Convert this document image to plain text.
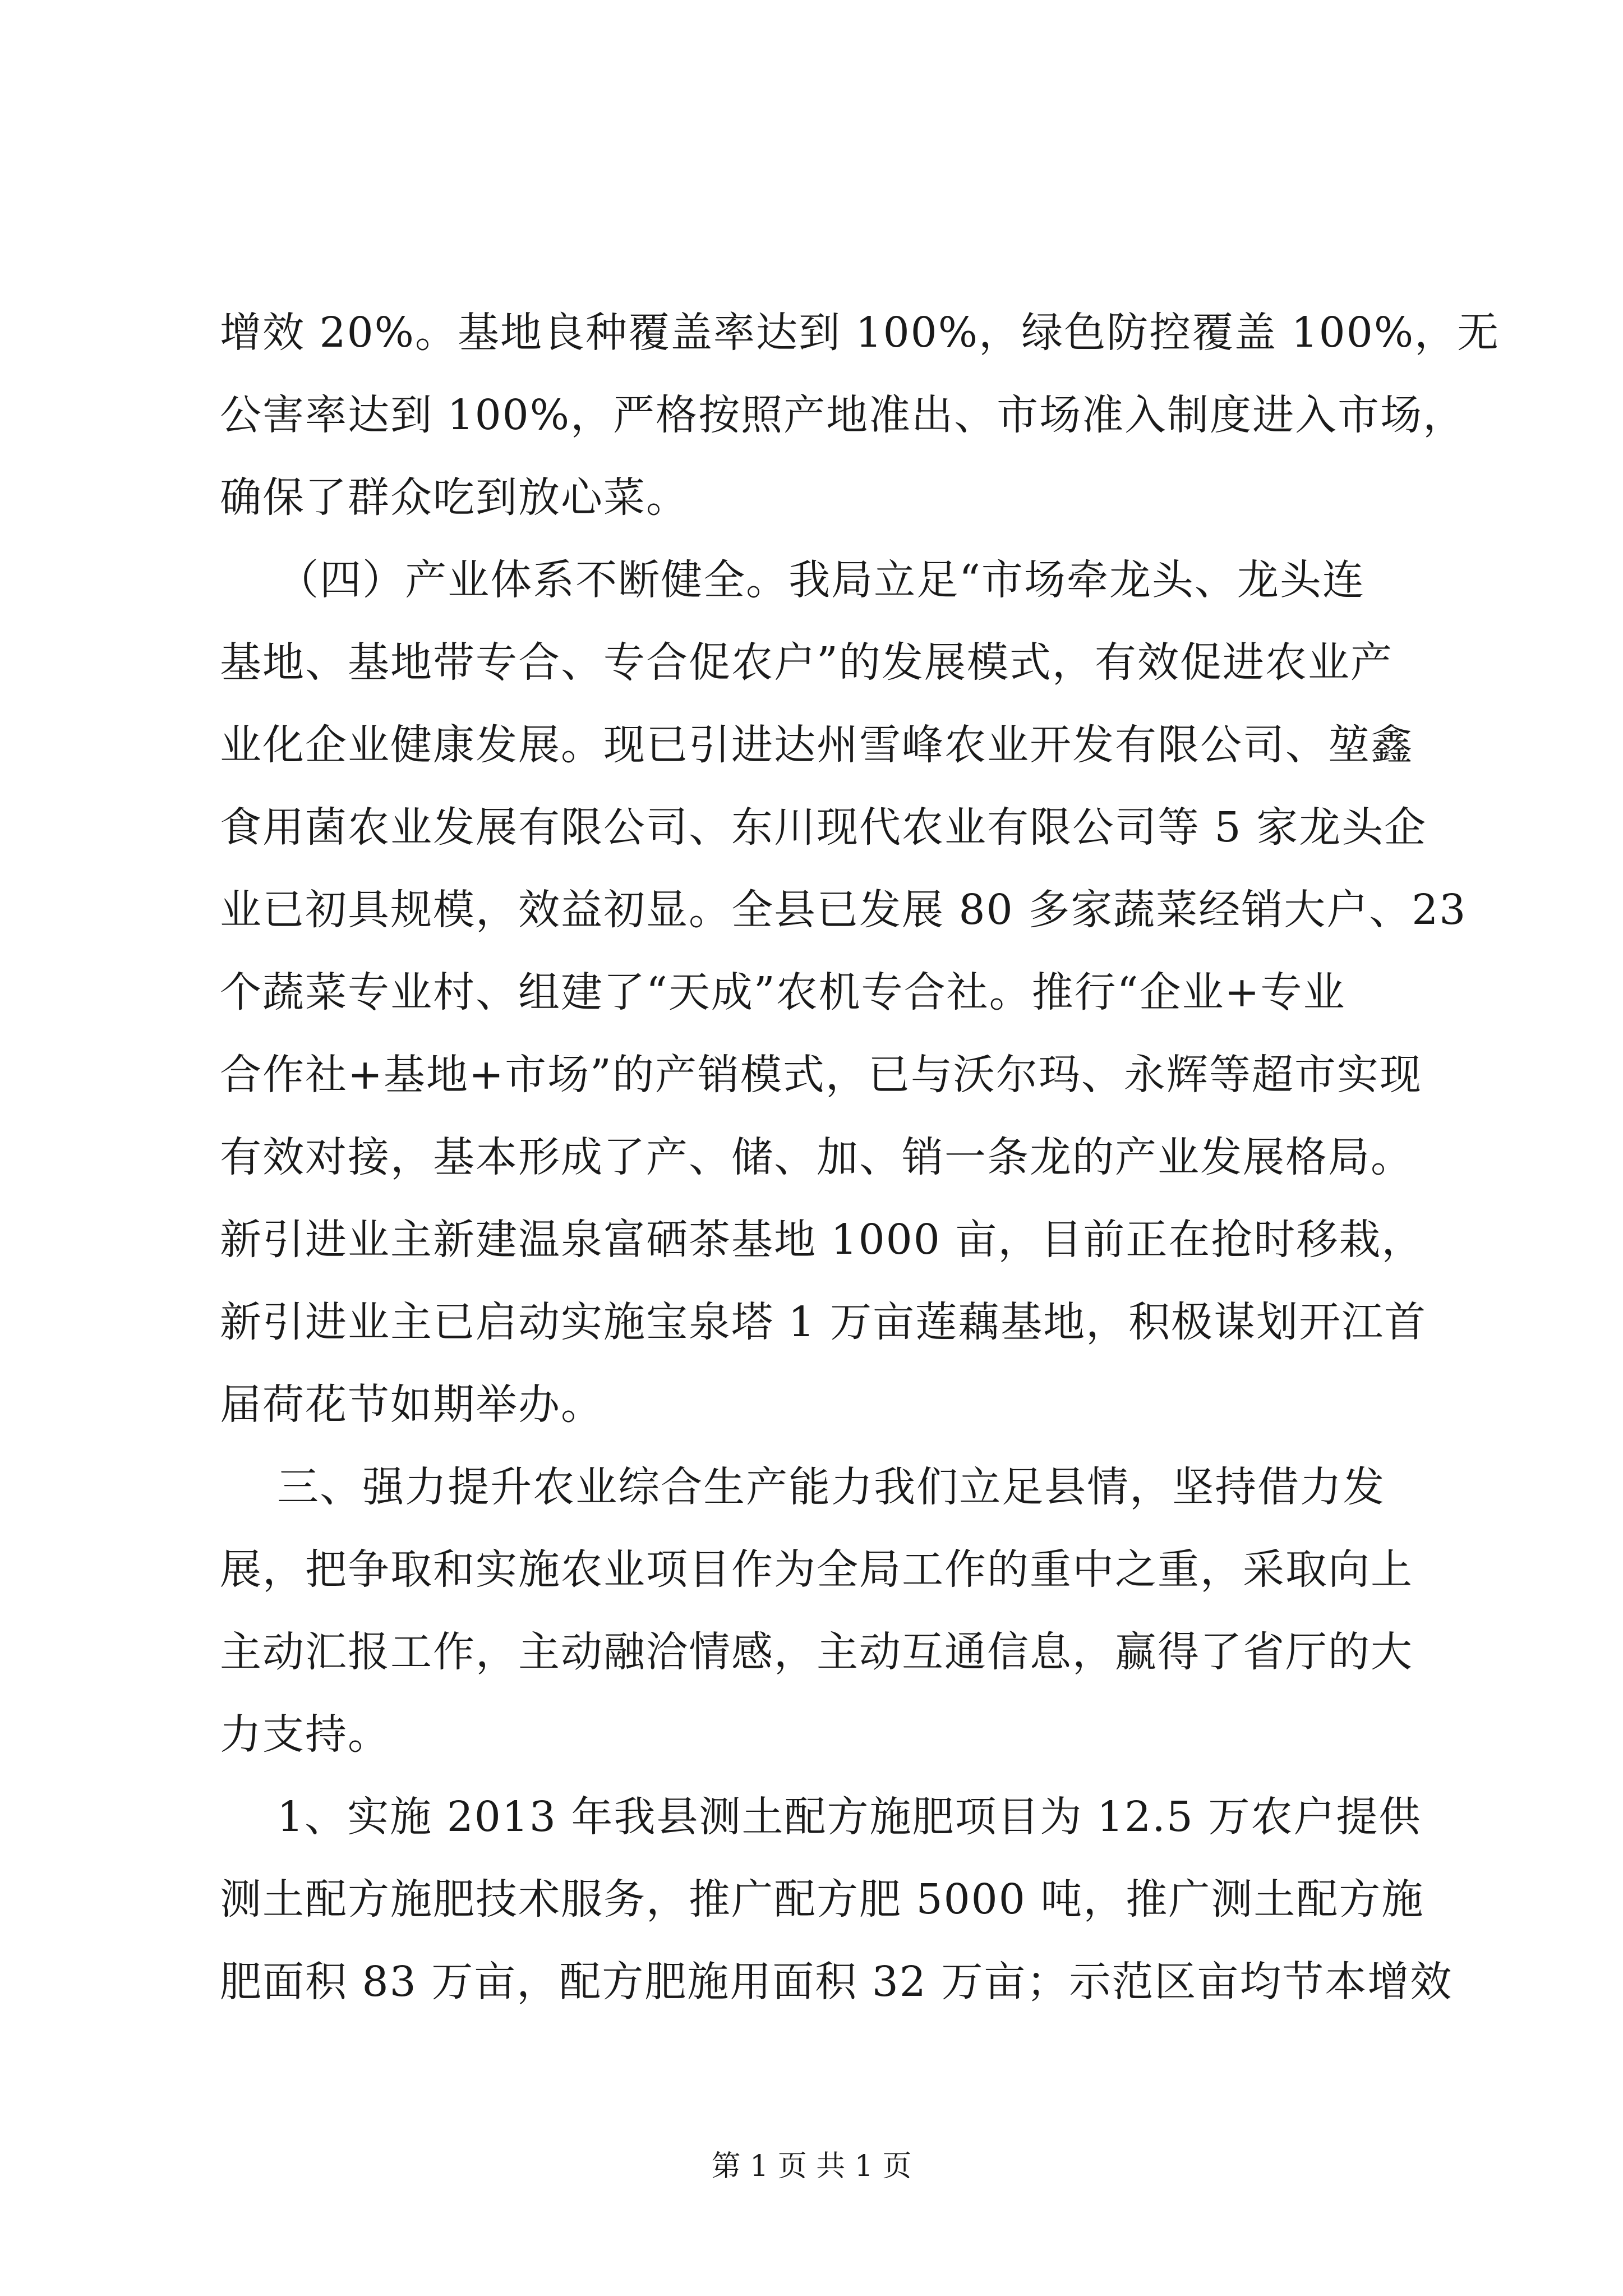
增效 20%。基地良种覆盖率达到 100%，绿色防控覆盖 100%，无
公害率达到 100%，严格按照产地准出、市场准入制度进入市场，
确保了群众吃到放心菜。
（四）产业体系不断健全。我局立足“市场牵龙头、龙头连
基地、基地带专合、专合促农户”的发展模式，有效促进农业产
业化企业健康发展。现已引进达州雪峰农业开发有限公司、堃鑫
食用菌农业发展有限公司、东川现代农业有限公司等 5 家龙头企
业已初具规模，效益初显。全县已发展 80 多家蔬菜经销大户、23
个蔬菜专业村、组建了“天成”农机专合社。推行“企业+专业
合作社+基地+市场”的产销模式，已与沃尔玛、永辉等超市实现
有效对接，基本形成了产、储、加、销一条龙的产业发展格局。
新引进业主新建温泉富硒茶基地 1000 亩，目前正在抢时移栽，
新引进业主已启动实施宝泉塔 1 万亩莲藕基地，积极谋划开江首
届荷花节如期举办。
三、强力提升农业综合生产能力我们立足县情，坚持借力发
展，把争取和实施农业项目作为全局工作的重中之重，采取向上
主动汇报工作，主动融洽情感，主动互通信息，赢得了省厅的大
力支持。
1、实施 2013 年我县测土配方施肥项目为 12.5 万农户提供
测土配方施肥技术服务，推广配方肥 5000 吨，推广测土配方施
肥面积 83 万亩，配方肥施用面积 32 万亩；示范区亩均节本增效
第 1 页 共 1 页
